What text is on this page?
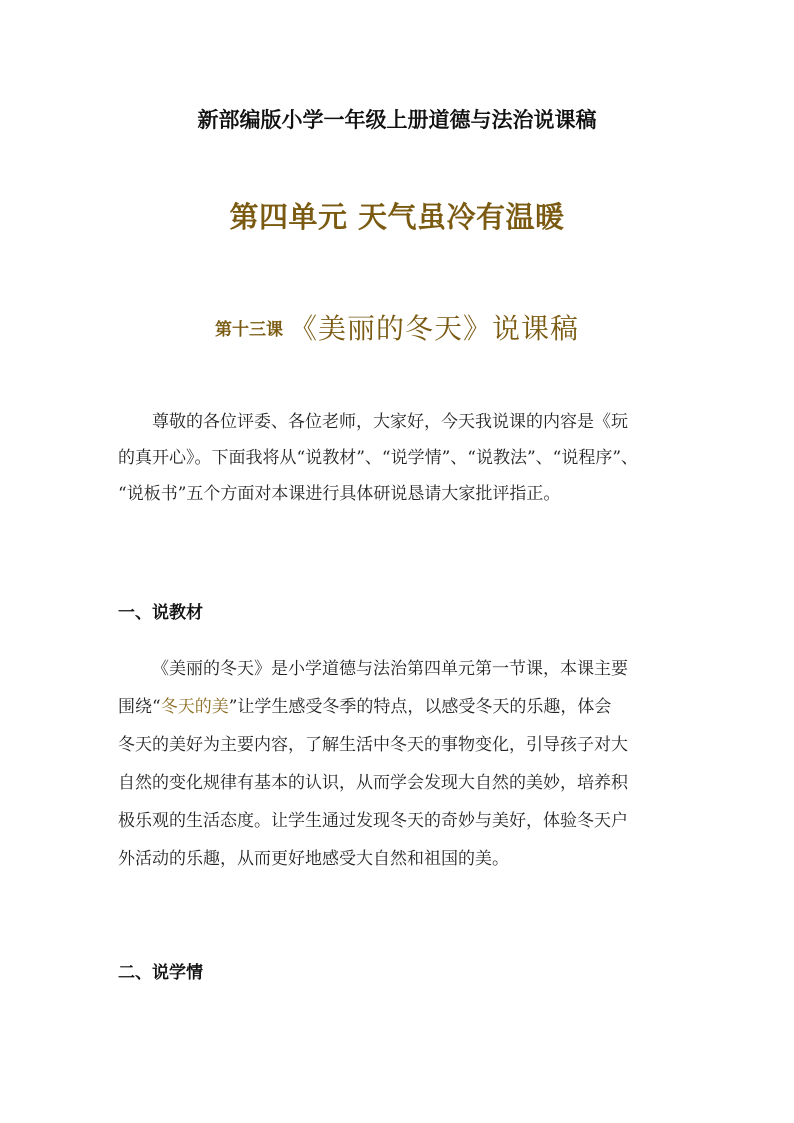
新部编版小学一年级上册道德与法治说课稿
第四单元 天气虽冷有温暖
第十三课 《美丽的冬天》说课稿
尊敬的各位评委、各位老师，大家好，今天我说课的内容是《玩
的真开心》。下面我将从“说教材”、“说学情”、“说教法”、“说程序”、
“说板书”五个方面对本课进行具体研说恳请大家批评指正。
一、说教材
《美丽的冬天》是小学道德与法治第四单元第一节课，本课主要
围绕“冬天的美”让学生感受冬季的特点，以感受冬天的乐趣，体会
冬天的美好为主要内容，了解生活中冬天的事物变化，引导孩子对大
自然的变化规律有基本的认识，从而学会发现大自然的美妙，培养积
极乐观的生活态度。让学生通过发现冬天的奇妙与美好，体验冬天户
外活动的乐趣，从而更好地感受大自然和祖国的美。
二、说学情
